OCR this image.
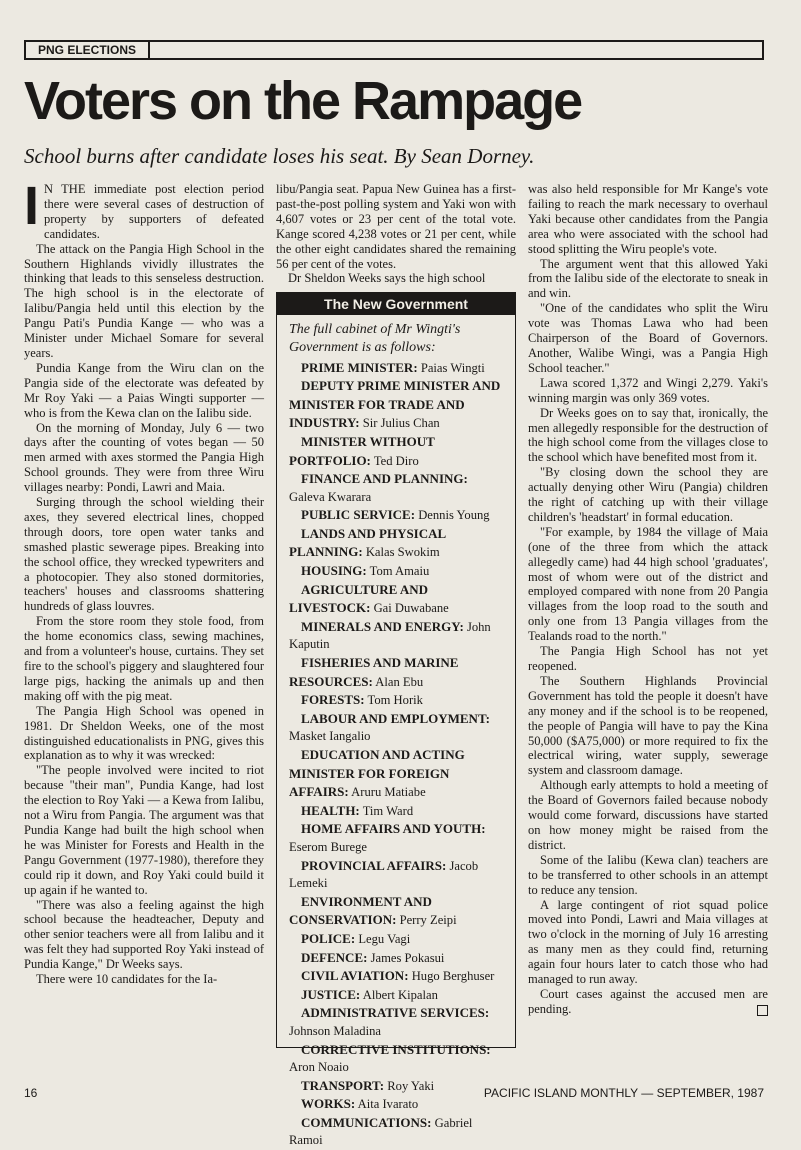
PNG ELECTIONS
Voters on the Rampage
School burns after candidate loses his seat. By Sean Dorney.

I N THE immediate post election period there were several cases of destruction of property by supporters of defeated candidates.

The attack on the Pangia High School in the Southern Highlands vividly illustrates the thinking that leads to this senseless destruction. The high school is in the electorate of Ialibu/Pangia held until this election by the Pangu Pati's Pundia Kange — who was a Minister under Michael Somare for several years.

Pundia Kange from the Wiru clan on the Pangia side of the electorate was defeated by Mr Roy Yaki — a Paias Wingti supporter — who is from the Kewa clan on the Ialibu side.

On the morning of Monday, July 6 — two days after the counting of votes began — 50 men armed with axes stormed the Pangia High School grounds. They were from three Wiru villages nearby: Pondi, Lawri and Maia.

Surging through the school wielding their axes, they severed electrical lines, chopped through doors, tore open water tanks and smashed plastic sewerage pipes. Breaking into the school office, they wrecked typewriters and a photocopier. They also stoned dormitories, teachers' houses and classrooms shattering hundreds of glass louvres.

From the store room they stole food, from the home economics class, sewing machines, and from a volunteer's house, curtains. They set fire to the school's piggery and slaughtered four large pigs, hacking the animals up and then making off with the pig meat.

The Pangia High School was opened in 1981. Dr Sheldon Weeks, one of the most distinguished educationalists in PNG, gives this explanation as to why it was wrecked:

"The people involved were incited to riot because "their man", Pundia Kange, had lost the election to Roy Yaki — a Kewa from Ialibu, not a Wiru from Pangia. The argument was that Pundia Kange had built the high school when he was Minister for Forests and Health in the Pangu Government (1977-1980), therefore they could rip it down, and Roy Yaki could build it up again if he wanted to.

"There was also a feeling against the high school because the headteacher, Deputy and other senior teachers were all from Ialibu and it was felt they had supported Roy Yaki instead of Pundia Kange," Dr Weeks says.

There were 10 candidates for the Ia-

libu/Pangia seat. Papua New Guinea has a first-past-the-post polling system and Yaki won with 4,607 votes or 23 per cent of the total vote. Kange scored 4,238 votes or 21 per cent, while the other eight candidates shared the remaining 56 per cent of the votes.

Dr Sheldon Weeks says the high school

The New Government
The full cabinet of Mr Wingti's Government is as follows:

PRIME MINISTER: Paias Wingti

DEPUTY PRIME MINISTER AND MINISTER FOR TRADE AND INDUSTRY: Sir Julius Chan

MINISTER WITHOUT PORTFOLIO: Ted Diro

FINANCE AND PLANNING: Galeva Kwarara

PUBLIC SERVICE: Dennis Young

LANDS AND PHYSICAL PLANNING: Kalas Swokim

HOUSING: Tom Amaiu

AGRICULTURE AND LIVESTOCK: Gai Duwabane

MINERALS AND ENERGY: John Kaputin

FISHERIES AND MARINE RESOURCES: Alan Ebu

FORESTS: Tom Horik

LABOUR AND EMPLOYMENT: Masket Iangalio

EDUCATION AND ACTING MINISTER FOR FOREIGN AFFAIRS: Aruru Matiabe

HEALTH: Tim Ward

HOME AFFAIRS AND YOUTH: Eserom Burege

PROVINCIAL AFFAIRS: Jacob Lemeki

ENVIRONMENT AND CONSERVATION: Perry Zeipi

POLICE: Legu Vagi

DEFENCE: James Pokasui

CIVIL AVIATION: Hugo Berghuser

JUSTICE: Albert Kipalan

ADMINISTRATIVE SERVICES: Johnson Maladina

CORRECTIVE INSTITUTIONS: Aron Noaio

TRANSPORT: Roy Yaki

WORKS: Aita Ivarato

COMMUNICATIONS: Gabriel Ramoi

was also held responsible for Mr Kange's vote failing to reach the mark necessary to overhaul Yaki because other candidates from the Pangia area who were associated with the school had stood splitting the Wiru people's vote.

The argument went that this allowed Yaki from the Ialibu side of the electorate to sneak in and win.

"One of the candidates who split the Wiru vote was Thomas Lawa who had been Chairperson of the Board of Governors. Another, Walibe Wingi, was a Pangia High School teacher."

Lawa scored 1,372 and Wingi 2,279. Yaki's winning margin was only 369 votes.

Dr Weeks goes on to say that, ironically, the men allegedly responsible for the destruction of the high school come from the villages close to the school which have benefited most from it.

"By closing down the school they are actually denying other Wiru (Pangia) children the right of catching up with their village children's 'headstart' in formal education.

"For example, by 1984 the village of Maia (one of the three from which the attack allegedly came) had 44 high school 'graduates', most of whom were out of the district and employed compared with none from 20 Pangia villages from the loop road to the south and only one from 13 Pangia villages from the Tealands road to the north."

The Pangia High School has not yet reopened.

The Southern Highlands Provincial Government has told the people it doesn't have any money and if the school is to be reopened, the people of Pangia will have to pay the Kina 50,000 ($A75,000) or more required to fix the electrical wiring, water supply, sewerage system and classroom damage.

Although early attempts to hold a meeting of the Board of Governors failed because nobody would come forward, discussions have started on how money might be raised from the district.

Some of the Ialibu (Kewa clan) teachers are to be transferred to other schools in an attempt to reduce any tension.

A large contingent of riot squad police moved into Pondi, Lawri and Maia villages at two o'clock in the morning of July 16 arresting as many men as they could find, returning again four hours later to catch those who had managed to run away.

Court cases against the accused men are pending.

16	PACIFIC ISLAND MONTHLY — SEPTEMBER, 1987
